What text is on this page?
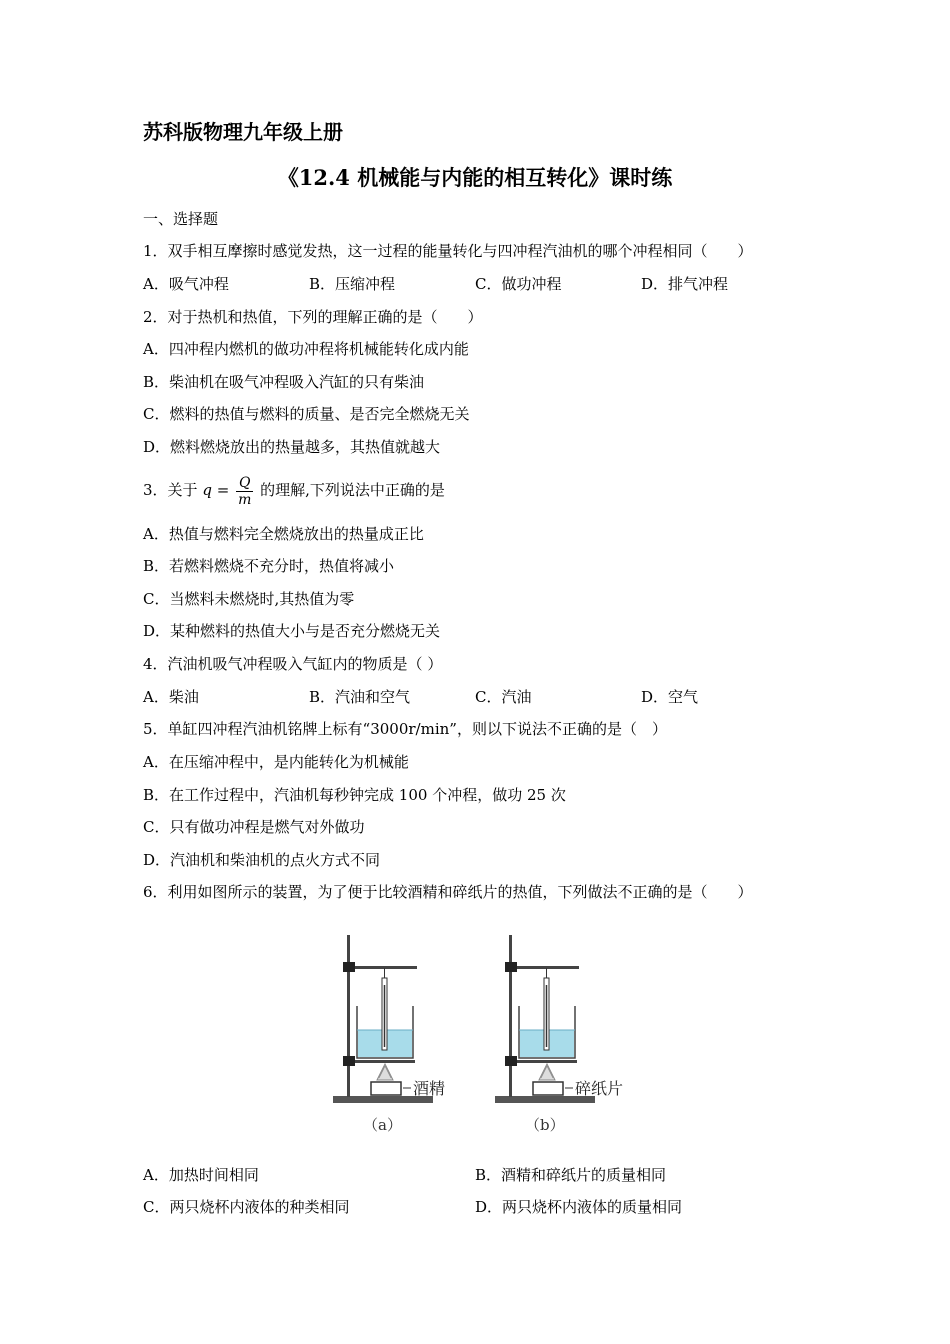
苏科版物理九年级上册
《12.4 机械能与内能的相互转化》课时练
一、选择题
1．双手相互摩擦时感觉发热，这一过程的能量转化与四冲程汽油机的哪个冲程相同（　　）
A．吸气冲程	B．压缩冲程	C．做功冲程	D．排气冲程
2．对于热机和热值，下列的理解正确的是（　　）
A．四冲程内燃机的做功冲程将机械能转化成内能
B．柴油机在吸气冲程吸入汽缸的只有柴油
C．燃料的热值与燃料的质量、是否完全燃烧无关
D．燃料燃烧放出的热量越多，其热值就越大
3．关于 $q = \frac{Q}{m}$ 的理解,下列说法中正确的是
A．热值与燃料完全燃烧放出的热量成正比
B．若燃料燃烧不充分时，热值将减小
C．当燃料未燃烧时,其热值为零
D．某种燃料的热值大小与是否充分燃烧无关
4．汽油机吸气冲程吸入气缸内的物质是（ ）
A．柴油	B．汽油和空气	C．汽油	D．空气
5．单缸四冲程汽油机铭牌上标有“3000r/min”，则以下说法不正确的是（　）
A．在压缩冲程中，是内能转化为机械能
B．在工作过程中，汽油机每秒钟完成 100 个冲程，做功 25 次
C．只有做功冲程是燃气对外做功
D．汽油机和柴油机的点火方式不同
6．利用如图所示的装置，为了便于比较酒精和碎纸片的热值，下列做法不正确的是（　　）
酒精
（a）
碎纸片
（b）
A．加热时间相同	B．酒精和碎纸片的质量相同
C．两只烧杯内液体的种类相同	D．两只烧杯内液体的质量相同
